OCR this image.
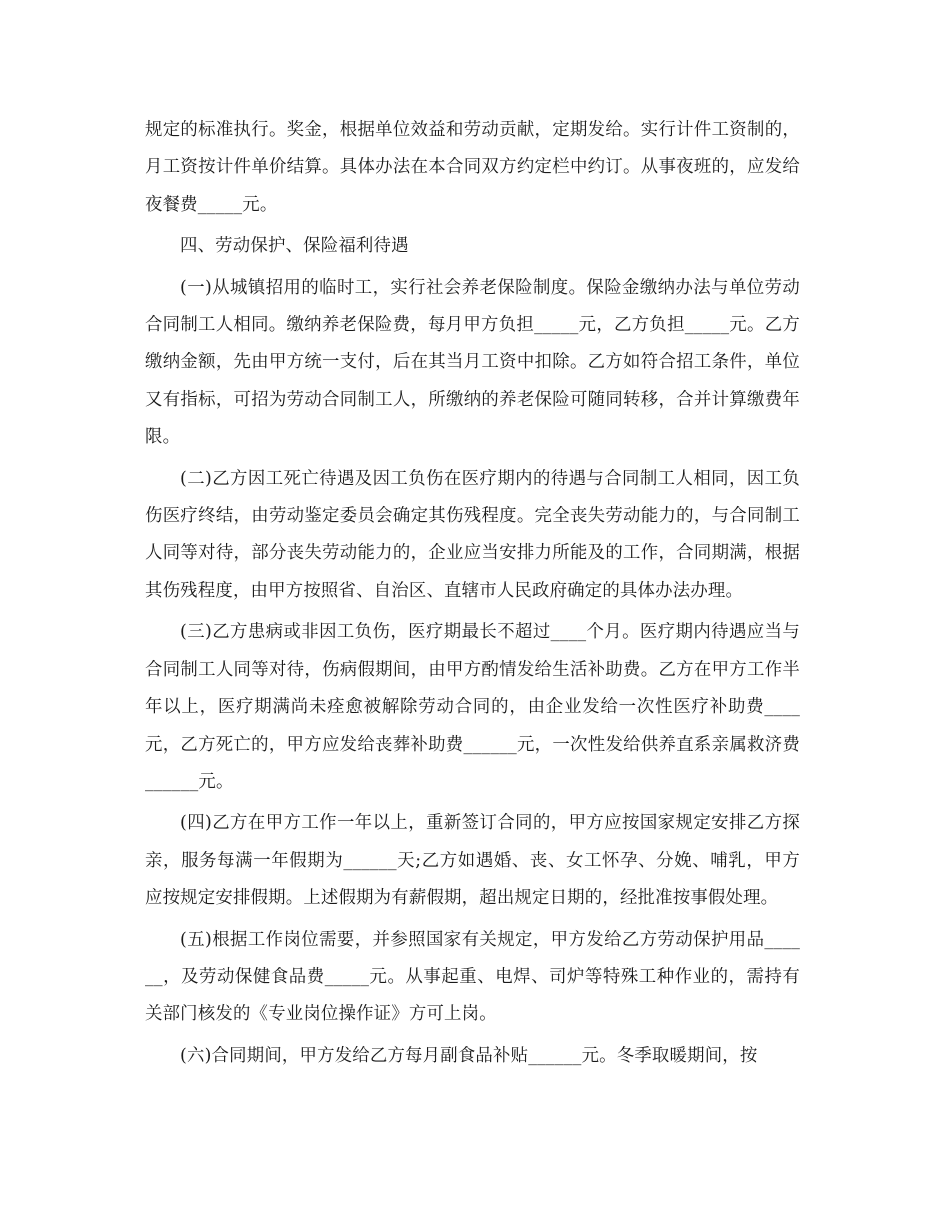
规定的标准执行。奖金，根据单位效益和劳动贡献，定期发给。实行计件工资制的，月工资按计件单价结算。具体办法在本合同双方约定栏中约订。从事夜班的，应发给夜餐费_____元。

四、劳动保护、保险福利待遇

(一)从城镇招用的临时工，实行社会养老保险制度。保险金缴纳办法与单位劳动合同制工人相同。缴纳养老保险费，每月甲方负担_____元，乙方负担_____元。乙方缴纳金额，先由甲方统一支付，后在其当月工资中扣除。乙方如符合招工条件，单位又有指标，可招为劳动合同制工人，所缴纳的养老保险可随同转移，合并计算缴费年限。

(二)乙方因工死亡待遇及因工负伤在医疗期内的待遇与合同制工人相同，因工负伤医疗终结，由劳动鉴定委员会确定其伤残程度。完全丧失劳动能力的，与合同制工人同等对待，部分丧失劳动能力的，企业应当安排力所能及的工作，合同期满，根据其伤残程度，由甲方按照省、自治区、直辖市人民政府确定的具体办法办理。

(三)乙方患病或非因工负伤，医疗期最长不超过____个月。医疗期内待遇应当与合同制工人同等对待，伤病假期间，由甲方酌情发给生活补助费。乙方在甲方工作半年以上，医疗期满尚未痊愈被解除劳动合同的，由企业发给一次性医疗补助费____元，乙方死亡的，甲方应发给丧葬补助费______元，一次性发给供养直系亲属救济费______元。

(四)乙方在甲方工作一年以上，重新签订合同的，甲方应按国家规定安排乙方探亲，服务每满一年假期为______天;乙方如遇婚、丧、女工怀孕、分娩、哺乳，甲方应按规定安排假期。上述假期为有薪假期，超出规定日期的，经批准按事假处理。

(五)根据工作岗位需要，并参照国家有关规定，甲方发给乙方劳动保护用品______，及劳动保健食品费_____元。从事起重、电焊、司炉等特殊工种作业的，需持有关部门核发的《专业岗位操作证》方可上岗。

(六)合同期间，甲方发给乙方每月副食品补贴______元。冬季取暖期间，按
